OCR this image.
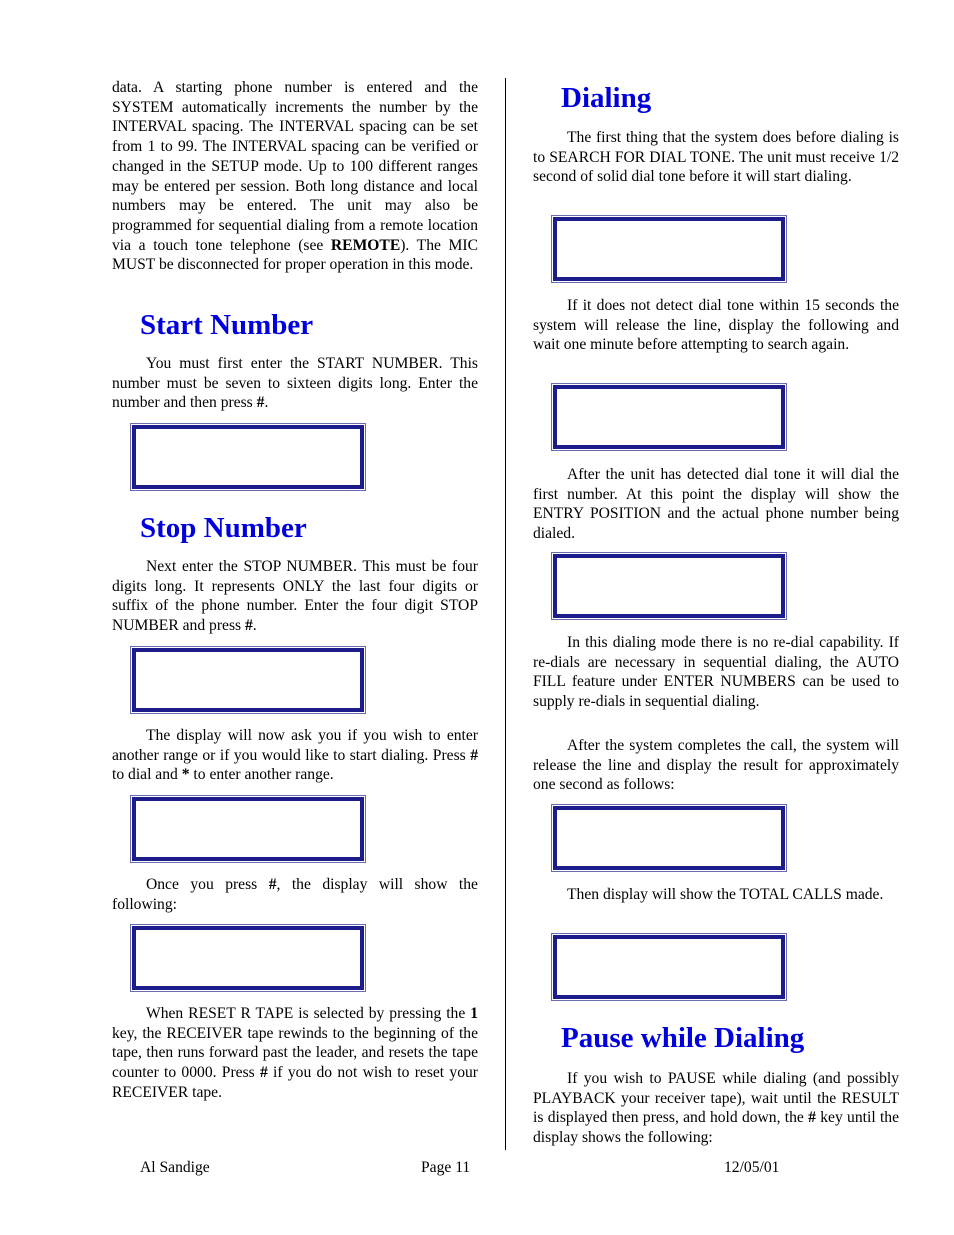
data. A starting phone number is entered and the SYSTEM automatically increments the number by the INTERVAL spacing. The INTERVAL spacing can be set from 1 to 99. The INTERVAL spacing can be verified or changed in the SETUP mode. Up to 100 different ranges may be entered per session. Both long distance and local numbers may be entered. The unit may also be programmed for sequential dialing from a remote location via a touch tone telephone (see REMOTE). The MIC MUST be disconnected for proper operation in this mode.

Start Number

You must first enter the START NUMBER. This number must be seven to sixteen digits long. Enter the number and then press #.

Stop Number

Next enter the STOP NUMBER. This must be four digits long. It represents ONLY the last four digits or suffix of the phone number. Enter the four digit STOP NUMBER and press #.

The display will now ask you if you wish to enter another range or if you would like to start dialing. Press # to dial and * to enter another range.

Once you press #, the display will show the following:

When RESET R TAPE is selected by pressing the 1 key, the RECEIVER tape rewinds to the beginning of the tape, then runs forward past the leader, and resets the tape counter to 0000. Press # if you do not wish to reset your RECEIVER tape.

Dialing

The first thing that the system does before dialing is to SEARCH FOR DIAL TONE. The unit must receive 1/2 second of solid dial tone before it will start dialing.

If it does not detect dial tone within 15 seconds the system will release the line, display the following and wait one minute before attempting to search again.

After the unit has detected dial tone it will dial the first number. At this point the display will show the ENTRY POSITION and the actual phone number being dialed.

In this dialing mode there is no re-dial capability. If re-dials are necessary in sequential dialing, the AUTO FILL feature under ENTER NUMBERS can be used to supply re-dials in sequential dialing.

After the system completes the call, the system will release the line and display the result for approximately one second as follows:

Then display will show the TOTAL CALLS made.

Pause while Dialing

If you wish to PAUSE while dialing (and possibly PLAYBACK your receiver tape), wait until the RESULT is displayed then press, and hold down, the # key until the display shows the following:

Al Sandige	Page 11	12/05/01
